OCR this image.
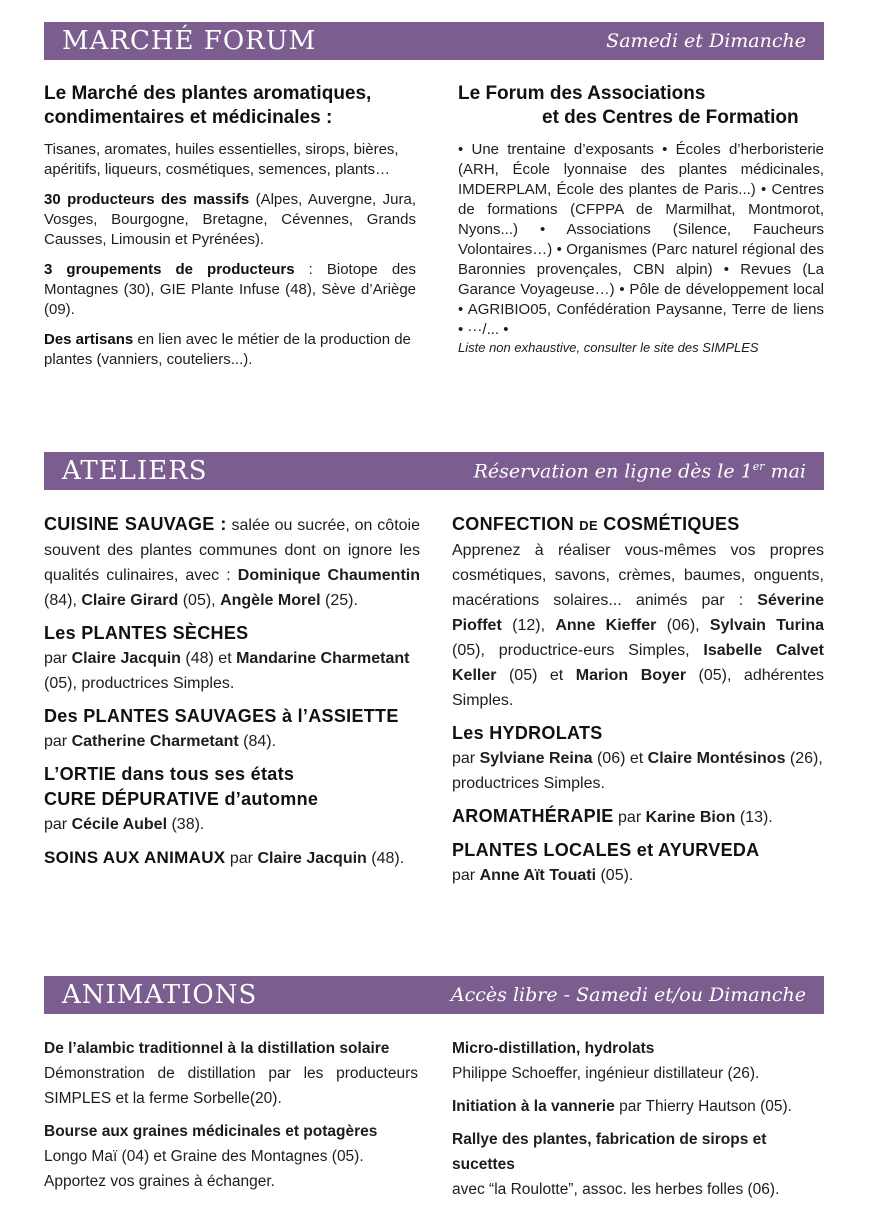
MARCHÉ FORUM	Samedi et Dimanche

Le Marché des plantes aromatiques,
condimentaires et médicinales :

Tisanes, aromates, huiles essentielles, sirops, bières, apéritifs, liqueurs, cosmétiques, semences, plants…

30 producteurs des massifs (Alpes, Auvergne, Jura, Vosges, Bourgogne, Bretagne, Cévennes, Grands Causses, Limousin et Pyrénées).

3 groupements de producteurs : Biotope des Montagnes (30), GIE Plante Infuse (48), Sève d’Ariège (09).

Des artisans en lien avec le métier de la production de plantes (vanniers, couteliers...).

Le Forum des Associations
et des Centres de Formation

• Une trentaine d’exposants • Écoles d’herboristerie (ARH, École lyonnaise des plantes médicinales, IMDERPLAM, École des plantes de Paris...) • Centres de formations (CFPPA de Marmilhat, Montmorot, Nyons...) • Associations (Silence, Faucheurs Volontaires…) • Organismes (Parc naturel régional des Baronnies provençales, CBN alpin) • Revues (La Garance Voyageuse…) • Pôle de développement local • AGRIBIO05, Confédération Paysanne, Terre de liens • ···/... •

Liste non exhaustive, consulter le site des SIMPLES

ATELIERS	Réservation en ligne dès le 1er mai
CUISINE SAUVAGE : salée ou sucrée, on côtoie souvent des plantes communes dont on ignore les qualités culinaires, avec : Dominique Chaumentin (84), Claire Girard (05), Angèle Morel (25).
Les PLANTES SÈCHES
par Claire Jacquin (48) et Mandarine Charmetant (05), productrices Simples.
Des PLANTES SAUVAGES à l’ASSIETTE
par Catherine Charmetant (84).
L’ORTIE dans tous ses états
CURE DÉPURATIVE d’automne
par Cécile Aubel (38).
SOINS AUX ANIMAUX par Claire Jacquin (48).
CONFECTION DE COSMÉTIQUES
Apprenez à réaliser vous-mêmes vos propres cosmétiques, savons, crèmes, baumes, onguents, macérations solaires... animés par : Séverine Pioffet (12), Anne Kieffer (06), Sylvain Turina (05), productrice-eurs Simples, Isabelle Calvet Keller (05) et Marion Boyer (05), adhérentes Simples.
Les HYDROLATS
par Sylviane Reina (06) et Claire Montésinos (26), productrices Simples.
AROMATHÉRAPIE par Karine Bion (13).
PLANTES LOCALES et AYURVEDA
par Anne Aït Touati (05).
ANIMATIONS	Accès libre - Samedi et/ou Dimanche
De l’alambic traditionnel à la distillation solaire
Démonstration de distillation par les producteurs SIMPLES et la ferme Sorbelle(20).
Bourse aux graines médicinales et potagères
Longo Maï (04) et Graine des Montagnes (05). Apportez vos graines à échanger.
Micro-distillation, hydrolats
Philippe Schoeffer, ingénieur distillateur (26).
Initiation à la vannerie par Thierry Hautson (05).
Rallye des plantes, fabrication de sirops et sucettes
avec “la Roulotte”, assoc. les herbes folles (06).
